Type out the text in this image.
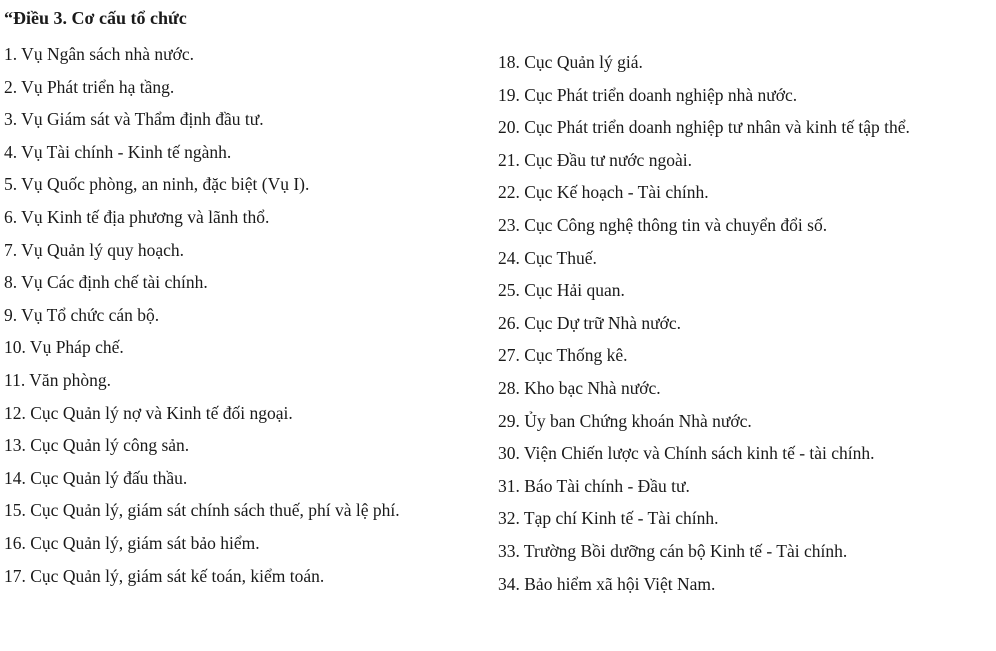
“Điều 3. Cơ cấu tổ chức
1. Vụ Ngân sách nhà nước.
2. Vụ Phát triển hạ tầng.
3. Vụ Giám sát và Thẩm định đầu tư.
4. Vụ Tài chính - Kinh tế ngành.
5. Vụ Quốc phòng, an ninh, đặc biệt (Vụ I).
6. Vụ Kinh tế địa phương và lãnh thổ.
7. Vụ Quản lý quy hoạch.
8. Vụ Các định chế tài chính.
9. Vụ Tổ chức cán bộ.
10. Vụ Pháp chế.
11. Văn phòng.
12. Cục Quản lý nợ và Kinh tế đối ngoại.
13. Cục Quản lý công sản.
14. Cục Quản lý đấu thầu.
15. Cục Quản lý, giám sát chính sách thuế, phí và lệ phí.
16. Cục Quản lý, giám sát bảo hiểm.
17. Cục Quản lý, giám sát kế toán, kiểm toán.
18. Cục Quản lý giá.
19. Cục Phát triển doanh nghiệp nhà nước.
20. Cục Phát triển doanh nghiệp tư nhân và kinh tế tập thể.
21. Cục Đầu tư nước ngoài.
22. Cục Kế hoạch - Tài chính.
23. Cục Công nghệ thông tin và chuyển đổi số.
24. Cục Thuế.
25. Cục Hải quan.
26. Cục Dự trữ Nhà nước.
27. Cục Thống kê.
28. Kho bạc Nhà nước.
29. Ủy ban Chứng khoán Nhà nước.
30. Viện Chiến lược và Chính sách kinh tế - tài chính.
31. Báo Tài chính - Đầu tư.
32. Tạp chí Kinh tế - Tài chính.
33. Trường Bồi dưỡng cán bộ Kinh tế - Tài chính.
34. Bảo hiểm xã hội Việt Nam.
